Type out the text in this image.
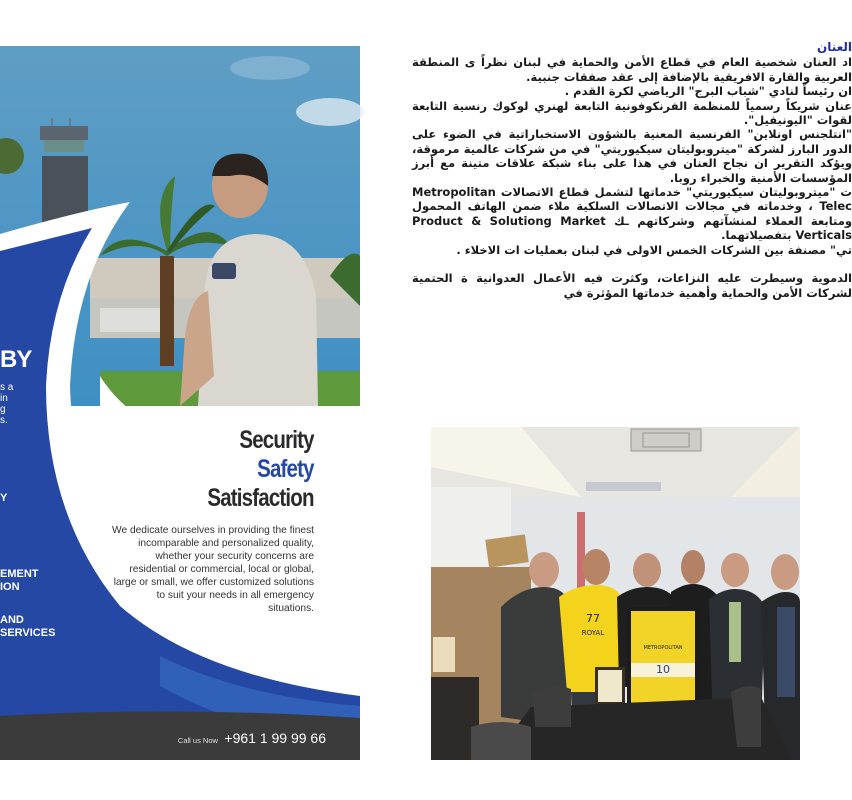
BY
s a
in
g
s.
Y
EMENT
ION
AND
SERVICES
Security
Safety
Satisfaction
We dedicate ourselves in providing the finest incomparable and personalized quality, whether your security concerns are residential or commercial, local or global, large or small, we offer customized solutions to suit your needs in all emergency situations.
Call us Now +961 1 99 99 66
العنان

اد العنان شخصية العام في قطاع الأمن والحماية في لبنان نظراً ى المنطقة العربية والقارة الافريقية بالإضافة إلى عقد صفقات جنبية.

ان رئيساً لنادي "شباب البرج" الرياضي لكرة القدم .

عنان شريكاً رسمياً للمنظمة الفرنكوفونية التابعة لهنري لوكوك رنسية التابعة لقوات "اليونيفيل".

"انتلجنس اونلاين" الفرنسية المعنية بالشؤون الاستخباراتية في الضوء على الدور البارز لشركة "ميتروبوليتان سيكيوريتي" في من شركات عالمية مرموقة، ويؤكد التقرير ان نجاح العنان في هذا على بناء شبكة علاقات متينة مع أبرز المؤسسات الأمنية والخبراء روبا.

ت "ميتروبوليتان سيكيوريتي" خدماتها لتشمل قطاع الاتصالات Metropolitan Telec ، وخدماته في مجالات الاتصالات السلكية ملاء ضمن الهاتف المحمول ومتابعة العملاء لمنشآتهم وشركاتهم ـك Product & Solutiong Market Verticals بتفصيلاتهما.

تي" مصنفة بين الشركات الخمس الاولى في لبنان بعمليات ات الاخلاء .

الدموية وسيطرت عليه النزاعات، وكثرت فيه الأعمال العدوانية ة الحتمية لشركات الأمن والحماية وأهمية خدماتها المؤثرة في

77
ROYAL
METROPOLITAN
10
